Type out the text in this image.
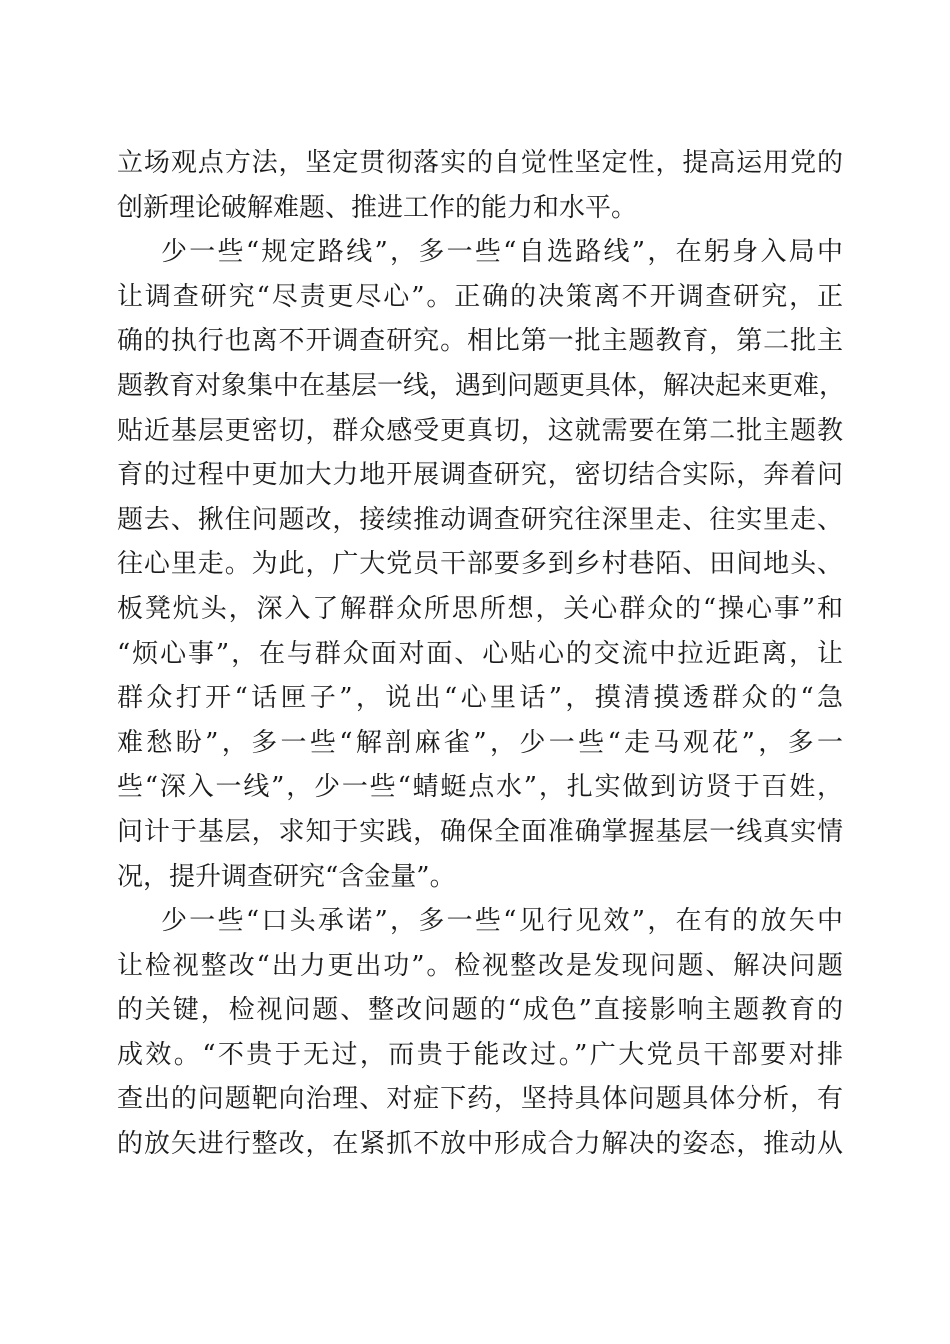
立场观点方法，坚定贯彻落实的自觉性坚定性，提高运用党的
创新理论破解难题、推进工作的能力和水平。
少一些“规定路线”，多一些“自选路线”，在躬身入局中
让调查研究“尽责更尽心”。正确的决策离不开调查研究，正
确的执行也离不开调查研究。相比第一批主题教育，第二批主
题教育对象集中在基层一线，遇到问题更具体，解决起来更难，
贴近基层更密切，群众感受更真切，这就需要在第二批主题教
育的过程中更加大力地开展调查研究，密切结合实际，奔着问
题去、揪住问题改，接续推动调查研究往深里走、往实里走、
往心里走。为此，广大党员干部要多到乡村巷陌、田间地头、
板凳炕头，深入了解群众所思所想，关心群众的“操心事”和
“烦心事”，在与群众面对面、心贴心的交流中拉近距离，让
群众打开“话匣子”，说出“心里话”，摸清摸透群众的“急
难愁盼”，多一些“解剖麻雀”，少一些“走马观花”，多一
些“深入一线”，少一些“蜻蜓点水”，扎实做到访贤于百姓，
问计于基层，求知于实践，确保全面准确掌握基层一线真实情
况，提升调查研究“含金量”。
少一些“口头承诺”，多一些“见行见效”，在有的放矢中
让检视整改“出力更出功”。检视整改是发现问题、解决问题
的关键，检视问题、整改问题的“成色”直接影响主题教育的
成效。“不贵于无过，而贵于能改过。”广大党员干部要对排
查出的问题靶向治理、对症下药，坚持具体问题具体分析，有
的放矢进行整改，在紧抓不放中形成合力解决的姿态，推动从
